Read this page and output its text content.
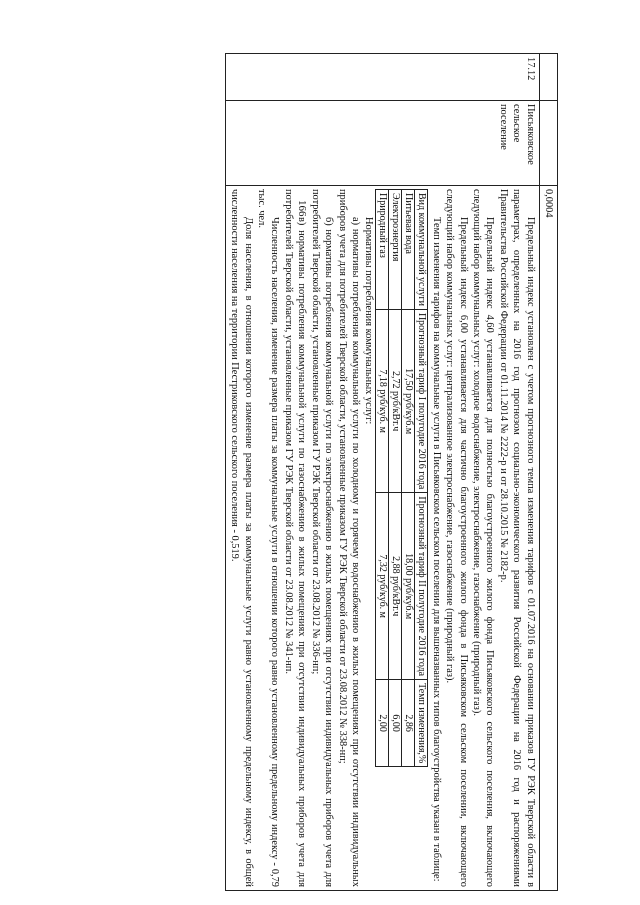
166
			0,0004
17.12	Письяковское сельское поселение	

Предельный индекс установлен с учетом прогнозного темпа изменения тарифов с 01.07.2016 на основании приказов ГУ РЭК Тверской области в параметрах, определенных на 2016 год прогнозом социально-экономического развития Российской Федерации на 2016 год и распоряжениями Правительства Российской Федерации от 01.11.2014 № 2222-р и от 28.10.2015 № 2182-р.

Предельный индекс 4,60 устанавливается для полностью благоустроенного жилого фонда Письяковского сельского поселения, включающего следующий набор коммунальных услуг: холодное водоснабжение, электроснабжение, газоснабжение (природный газ).

Предельный индекс 6,00 устанавливается для частично благоустроенного жилого фонда в Письяковском сельском поселении, включающего следующий набор коммунальных услуг: централизованное электроснабжение, газоснабжение (природный газ).

Темп изменения тарифов на коммунальные услуги в Письяковском сельском поселении для вышеназванных типов благоустройства указан в таблице:

Вид коммунальной услуги	Прогнозный тариф I полугодие 2016 года	Прогнозный тариф II полугодие 2016 года	Темп изменения,%
Питьевая вода	17,50 руб/куб.м	18,00 руб/куб.м	2,86
Электроэнергия	2,72 руб/кВт.ч	2,88 руб/кВт.ч	6,00
Природный газ	7,18 руб/куб. м	7,32 руб/куб. м	2,00

Нормативы потребления коммунальных услуг:

а) нормативы потребления коммунальной услуги по холодному и горячему водоснабжению в жилых помещениях при отсутствии индивидуальных приборов учета для потребителей Тверской области, установленные приказом ГУ РЭК Тверской области от 23.08.2012 № 338-нп;

б) нормативы потребления коммунальной услуги по электроснабжению в жилых помещениях при отсутствии индивидуальных приборов учета для потребителей Тверской области, установленные приказом ГУ РЭК Тверской области от 23.08.2012 № 336-нп;

в) нормативы потребления коммунальной услуги по газоснабжению в жилых помещениях при отсутствии индивидуальных приборов учета для потребителей Тверской области, установленные приказом ГУ РЭК Тверской области от 23.08.2012 № 341-нп.

Численность населения, изменение размера платы за коммунальные услуги в отношении которого равно установленному предельному индексу - 0,79 тыс. чел.

Доля населения, в отношении которого изменение размера платы за коммунальные услуги равно установленному предельному индексу, в общей численности населения на территории Пестриковского сельского поселения - 0,519.
